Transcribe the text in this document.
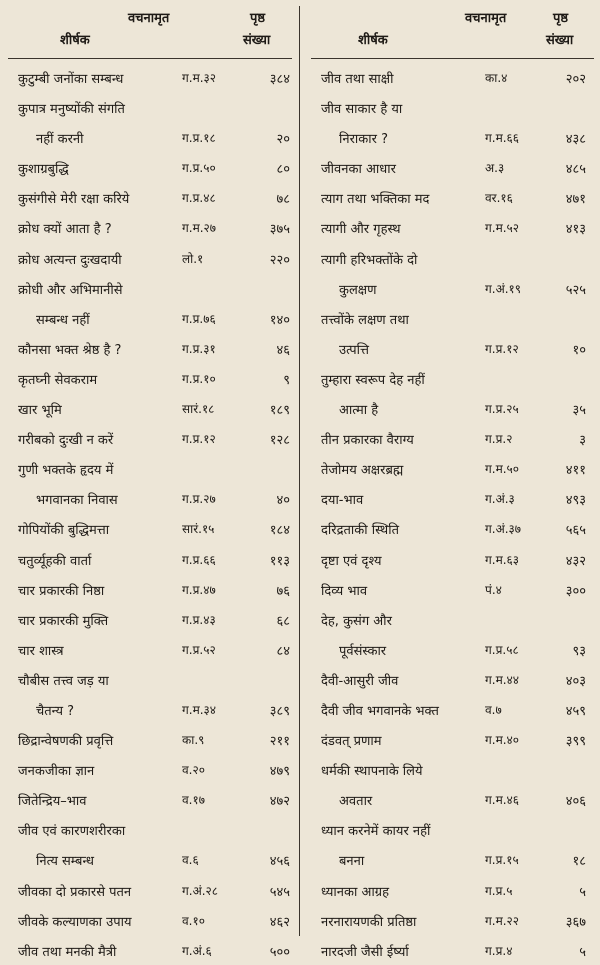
वचनामृत	पृष्ठ
शीर्षक	संख्या
कुटुम्बी जनोंका सम्बन्ध	ग.म.३२	३८४
कुपात्र मनुष्योंकी संगति
नहीं करनी	ग.प्र.१८	२०
कुशाग्रबुद्धि	ग.प्र.५०	८०
कुसंगीसे मेरी रक्षा करिये	ग.प्र.४८	७८
क्रोध क्यों आता है ?	ग.म.२७	३७५
क्रोध अत्यन्त दुःखदायी	लो.१	२२०
क्रोधी और अभिमानीसे
सम्बन्ध नहीं	ग.प्र.७६	१४०
कौनसा भक्त श्रेष्ठ है ?	ग.प्र.३१	४६
कृतघ्नी सेवकराम	ग.प्र.१०	९
खार भूमि	सारं.१८	१८९
गरीबको दुःखी न करें	ग.प्र.१२	१२८
गुणी भक्तके हृदय में
भगवानका निवास	ग.प्र.२७	४०
गोपियोंकी बुद्धिमत्ता	सारं.१५	१८४
चतुर्व्यूहकी वार्ता	ग.प्र.६६	११३
चार प्रकारकी निष्ठा	ग.प्र.४७	७६
चार प्रकारकी मुक्ति	ग.प्र.४३	६८
चार शास्त्र	ग.प्र.५२	८४
चौबीस तत्त्व जड़ या
चैतन्य ?	ग.म.३४	३८९
छिद्रान्वेषणकी प्रवृत्ति	का.९	२११
जनकजीका ज्ञान	व.२०	४७९
जितेन्द्रिय–भाव	व.१७	४७२
जीव एवं कारणशरीरका
नित्य सम्बन्ध	व.६	४५६
जीवका दो प्रकारसे पतन	ग.अं.२८	५४५
जीवके कल्याणका उपाय	व.१०	४६२
जीव तथा मनकी मैत्री	ग.अं.६	५००
वचनामृत	पृष्ठ
शीर्षक	संख्या
जीव तथा साक्षी	का.४	२०२
जीव साकार है या
निराकार ?	ग.म.६६	४३८
जीवनका आधार	अ.३	४८५
त्याग तथा भक्तिका मद	वर.१६	४७१
त्यागी और गृहस्थ	ग.म.५२	४१३
त्यागी हरिभक्तोंके दो
कुलक्षण	ग.अं.१९	५२५
तत्त्वोंके लक्षण तथा
उत्पत्ति	ग.प्र.१२	१०
तुम्हारा स्वरूप देह नहीं
आत्मा है	ग.प्र.२५	३५
तीन प्रकारका वैराग्य	ग.प्र.२	३
तेजोमय अक्षरब्रह्म	ग.म.५०	४११
दया-भाव	ग.अं.३	४९३
दरिद्रताकी स्थिति	ग.अं.३७	५६५
दृष्टा एवं दृश्य	ग.म.६३	४३२
दिव्य भाव	पं.४	३००
देह, कुसंग और
पूर्वसंस्कार	ग.प्र.५८	९३
दैवी-आसुरी जीव	ग.म.४४	४०३
दैवी जीव भगवानके भक्त	व.७	४५९
दंडवत् प्रणाम	ग.म.४०	३९९
धर्मकी स्थापनाके लिये
अवतार	ग.म.४६	४०६
ध्यान करनेमें कायर नहीं
बनना	ग.प्र.१५	१८
ध्यानका आग्रह	ग.प्र.५	५
नरनारायणकी प्रतिष्ठा	ग.म.२२	३६७
नारदजी जैसी ईर्ष्या	ग.प्र.४	५
